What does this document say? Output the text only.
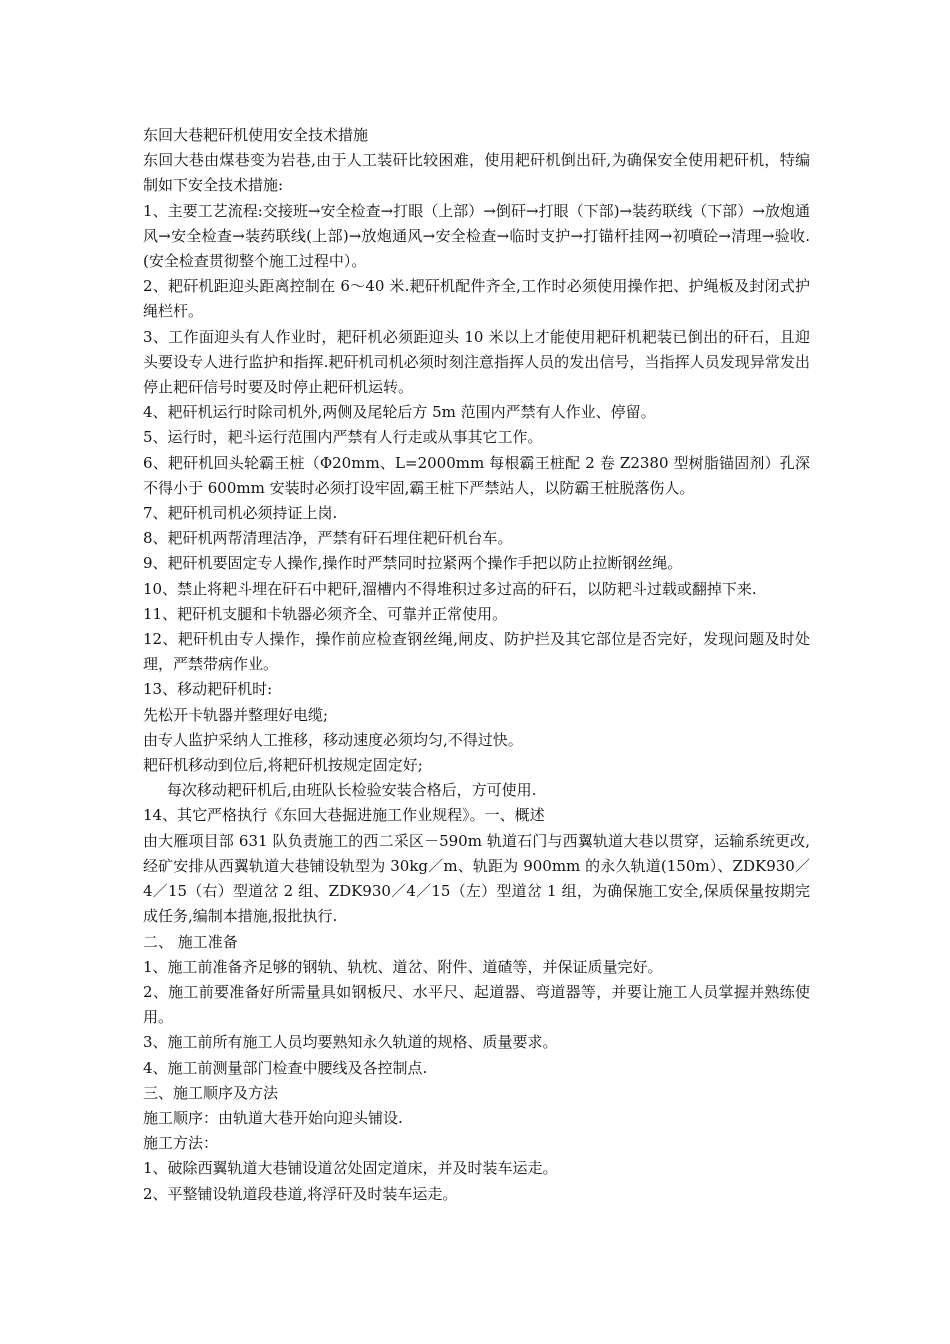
东回大巷耙矸机使用安全技术措施

东回大巷由煤巷变为岩巷,由于人工装矸比较困难，使用耙矸机倒出矸,为确保安全使用耙矸机，特编制如下安全技术措施:

1、主要工艺流程:交接班→安全检查→打眼（上部）→倒矸→打眼（下部)→装药联线（下部）→放炮通风→安全检查→装药联线(上部)→放炮通风→安全检查→临时支护→打锚杆挂网→初噴砼→清理→验收.(安全检查贯彻整个施工过程中）。

2、耙矸机距迎头距离控制在 6～40 米.耙矸机配件齐全,工作时必须使用操作把、护绳板及封闭式护绳栏杆。

3、工作面迎头有人作业时，耙矸机必须距迎头 10 米以上才能使用耙矸机耙装已倒出的矸石，且迎头要设专人进行监护和指挥.耙矸机司机必须时刻注意指挥人员的发出信号，当指挥人员发现异常发出停止耙矸信号时要及时停止耙矸机运转。

4、耙矸机运行时除司机外,两侧及尾轮后方 5m 范围内严禁有人作业、停留。

5、运行时，耙斗运行范围内严禁有人行走或从事其它工作。

6、耙矸机回头轮霸王桩（Φ20mm、L=2000mm 每根霸王桩配 2 卷 Z2380 型树脂锚固剂）孔深不得小于 600mm 安装时必须打设牢固,霸王桩下严禁站人，以防霸王桩脱落伤人。

7、耙矸机司机必须持证上岗.

8、耙矸机两帮清理洁净，严禁有矸石埋住耙矸机台车。

9、耙矸机要固定专人操作,操作时严禁同时拉紧两个操作手把以防止拉断钢丝绳。

10、禁止将耙斗埋在矸石中耙矸,溜槽内不得堆积过多过高的矸石，以防耙斗过载或翻掉下来.

11、耙矸机支腿和卡轨器必须齐全、可靠并正常使用。

12、耙矸机由专人操作，操作前应检查钢丝绳,闸皮、防护拦及其它部位是否完好，发现问题及时处理，严禁带病作业。

13、移动耙矸机时:

先松开卡轨器并整理好电缆;

由专人监护采纳人工推移，移动速度必须均匀,不得过快。

耙矸机移动到位后,将耙矸机按规定固定好;

每次移动耙矸机后,由班队长检验安装合格后，方可使用.

14、其它严格执行《东回大巷掘进施工作业规程》。一、概述

由大雁项目部 631 队负责施工的西二采区－590m 轨道石门与西翼轨道大巷以贯穿，运输系统更改,经矿安排从西翼轨道大巷铺设轨型为 30kg／m、轨距为 900mm 的永久轨道(150m）、ZDK930／4／15（右）型道岔 2 组、ZDK930／4／15（左）型道岔 1 组，为确保施工安全,保质保量按期完成任务,编制本措施,报批执行.

二、 施工准备

1、施工前准备齐足够的钢轨、轨枕、道岔、附件、道碴等，并保证质量完好。

2、施工前要准备好所需量具如钢板尺、水平尺、起道器、弯道器等，并要让施工人员掌握并熟练使用。

3、施工前所有施工人员均要熟知永久轨道的规格、质量要求。

4、施工前测量部门检查中腰线及各控制点.

三、施工顺序及方法

施工顺序：由轨道大巷开始向迎头铺设.

施工方法：

1、破除西翼轨道大巷铺设道岔处固定道床，并及时装车运走。

2、平整铺设轨道段巷道,将浮矸及时装车运走。
